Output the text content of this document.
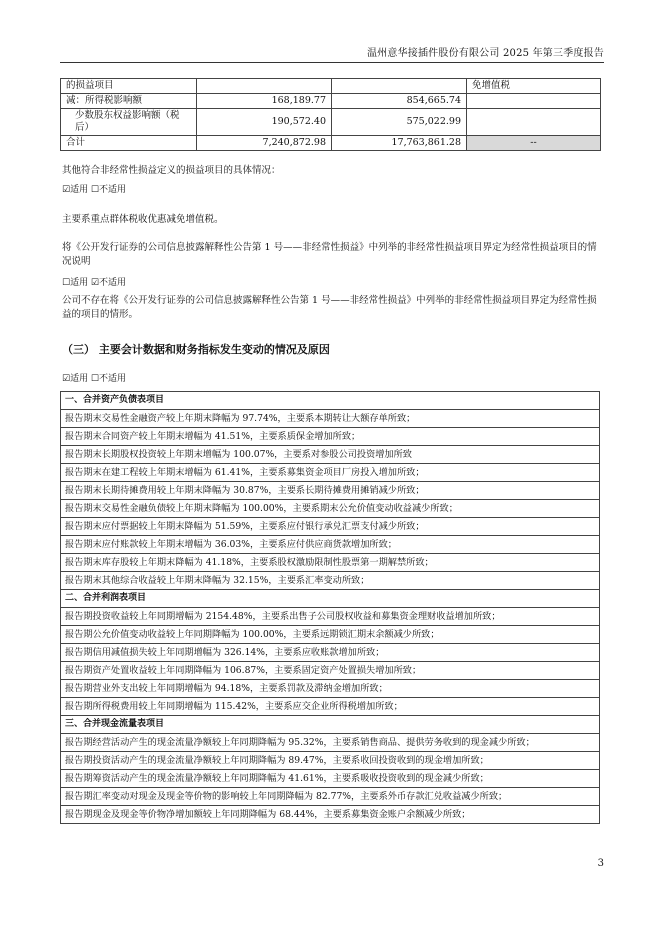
温州意华接插件股份有限公司 2025 年第三季度报告
的损益项目			免增值税
减：所得税影响额	168,189.77	854,665.74	
少数股东权益影响额（税后）	190,572.40	575,022.99	
合计	7,240,872.98	17,763,861.28	--
其他符合非经常性损益定义的损益项目的具体情况：
☑适用 ☐不适用
主要系重点群体税收优惠减免增值税。
将《公开发行证券的公司信息披露解释性公告第 1 号——非经常性损益》中列举的非经常性损益项目界定为经常性损益项目的情况说明
☐适用 ☑不适用
公司不存在将《公开发行证券的公司信息披露解释性公告第 1 号——非经常性损益》中列举的非经常性损益项目界定为经常性损益的项目的情形。
（三） 主要会计数据和财务指标发生变动的情况及原因
☑适用 ☐不适用
一、合并资产负债表项目
报告期末交易性金融资产较上年期末降幅为 97.74%，主要系本期转让大额存单所致；
报告期末合同资产较上年期末增幅为 41.51%，主要系质保金增加所致；
报告期末长期股权投资较上年期末增幅为 100.07%，主要系对参股公司投资增加所致
报告期末在建工程较上年期末增幅为 61.41%，主要系募集资金项目厂房投入增加所致；
报告期末长期待摊费用较上年期末降幅为 30.87%，主要系长期待摊费用摊销减少所致；
报告期末交易性金融负债较上年期末降幅为 100.00%，主要系期末公允价值变动收益减少所致；
报告期末应付票据较上年期末降幅为 51.59%，主要系应付银行承兑汇票支付减少所致；
报告期末应付账款较上年期末增幅为 36.03%，主要系应付供应商货款增加所致；
报告期末库存股较上年期末降幅为 41.18%，主要系股权激励限制性股票第一期解禁所致；
报告期末其他综合收益较上年期末降幅为 32.15%，主要系汇率变动所致；
二、合并利润表项目
报告期投资收益较上年同期增幅为 2154.48%，主要系出售子公司股权收益和募集资金理财收益增加所致；
报告期公允价值变动收益较上年同期降幅为 100.00%，主要系远期锁汇期末余额减少所致；
报告期信用减值损失较上年同期增幅为 326.14%，主要系应收账款增加所致；
报告期资产处置收益较上年同期降幅为 106.87%，主要系固定资产处置损失增加所致；
报告期营业外支出较上年同期增幅为 94.18%，主要系罚款及滞纳金增加所致；
报告期所得税费用较上年同期增幅为 115.42%，主要系应交企业所得税增加所致；
三、合并现金流量表项目
报告期经营活动产生的现金流量净额较上年同期降幅为 95.32%，主要系销售商品、提供劳务收到的现金减少所致；
报告期投资活动产生的现金流量净额较上年同期降幅为 89.47%，主要系收回投资收到的现金增加所致；
报告期筹资活动产生的现金流量净额较上年同期降幅为 41.61%，主要系吸收投资收到的现金减少所致；
报告期汇率变动对现金及现金等价物的影响较上年同期降幅为 82.77%，主要系外币存款汇兑收益减少所致；
报告期现金及现金等价物净增加额较上年同期降幅为 68.44%，主要系募集资金账户余额减少所致；
3
